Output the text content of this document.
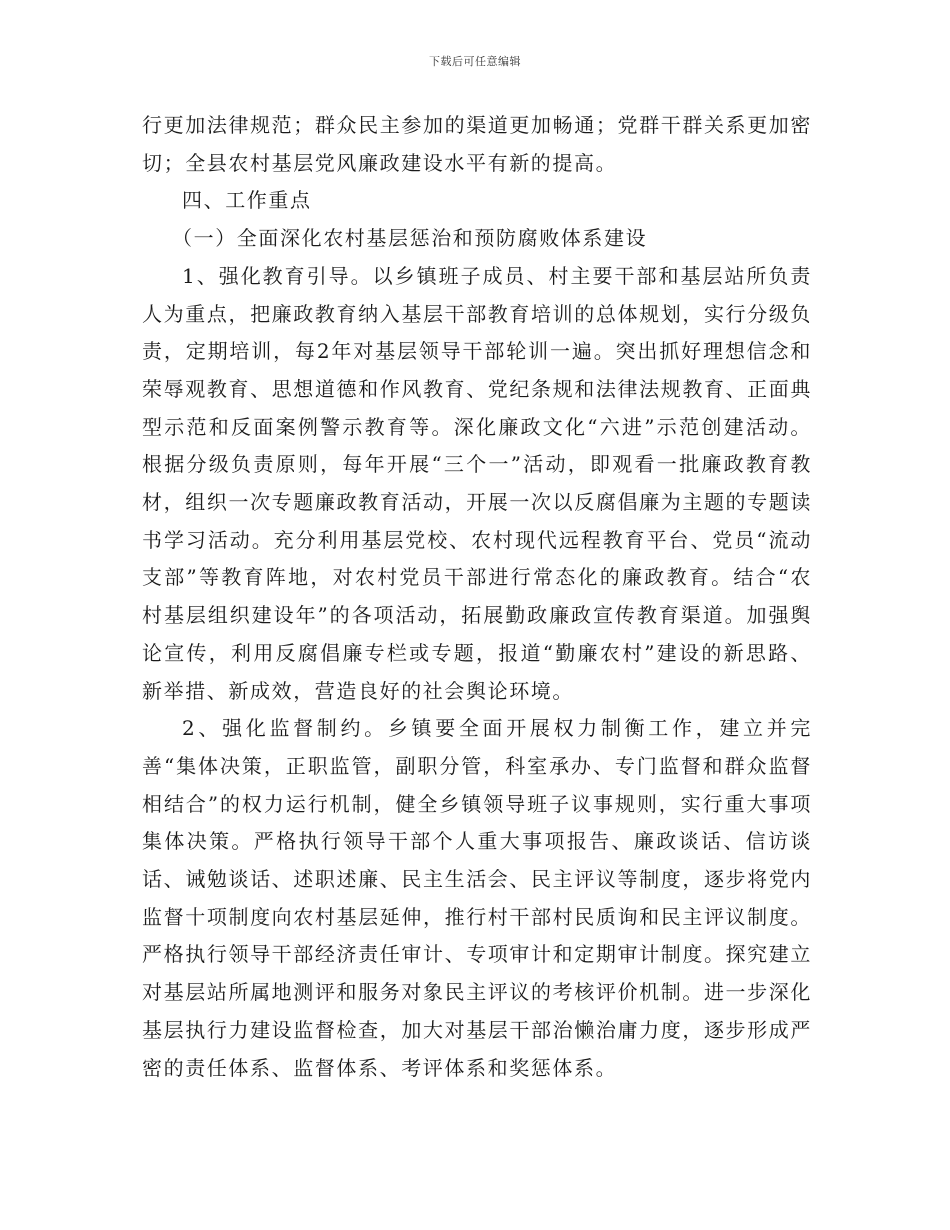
下载后可任意编辑

行更加法律规范；群众民主参加的渠道更加畅通；党群干群关系更加密切；全县农村基层党风廉政建设水平有新的提高。

四、工作重点

（一）全面深化农村基层惩治和预防腐败体系建设

1、强化教育引导。以乡镇班子成员、村主要干部和基层站所负责人为重点，把廉政教育纳入基层干部教育培训的总体规划，实行分级负责，定期培训，每2年对基层领导干部轮训一遍。突出抓好理想信念和荣辱观教育、思想道德和作风教育、党纪条规和法律法规教育、正面典型示范和反面案例警示教育等。深化廉政文化“六进”示范创建活动。根据分级负责原则，每年开展“三个一”活动，即观看一批廉政教育教材，组织一次专题廉政教育活动，开展一次以反腐倡廉为主题的专题读书学习活动。充分利用基层党校、农村现代远程教育平台、党员“流动支部”等教育阵地，对农村党员干部进行常态化的廉政教育。结合“农村基层组织建设年”的各项活动，拓展勤政廉政宣传教育渠道。加强舆论宣传，利用反腐倡廉专栏或专题，报道“勤廉农村”建设的新思路、新举措、新成效，营造良好的社会舆论环境。

2、强化监督制约。乡镇要全面开展权力制衡工作，建立并完善“集体决策，正职监管，副职分管，科室承办、专门监督和群众监督相结合”的权力运行机制，健全乡镇领导班子议事规则，实行重大事项集体决策。严格执行领导干部个人重大事项报告、廉政谈话、信访谈话、诫勉谈话、述职述廉、民主生活会、民主评议等制度，逐步将党内监督十项制度向农村基层延伸，推行村干部村民质询和民主评议制度。严格执行领导干部经济责任审计、专项审计和定期审计制度。探究建立对基层站所属地测评和服务对象民主评议的考核评价机制。进一步深化基层执行力建设监督检查，加大对基层干部治懒治庸力度，逐步形成严密的责任体系、监督体系、考评体系和奖惩体系。
